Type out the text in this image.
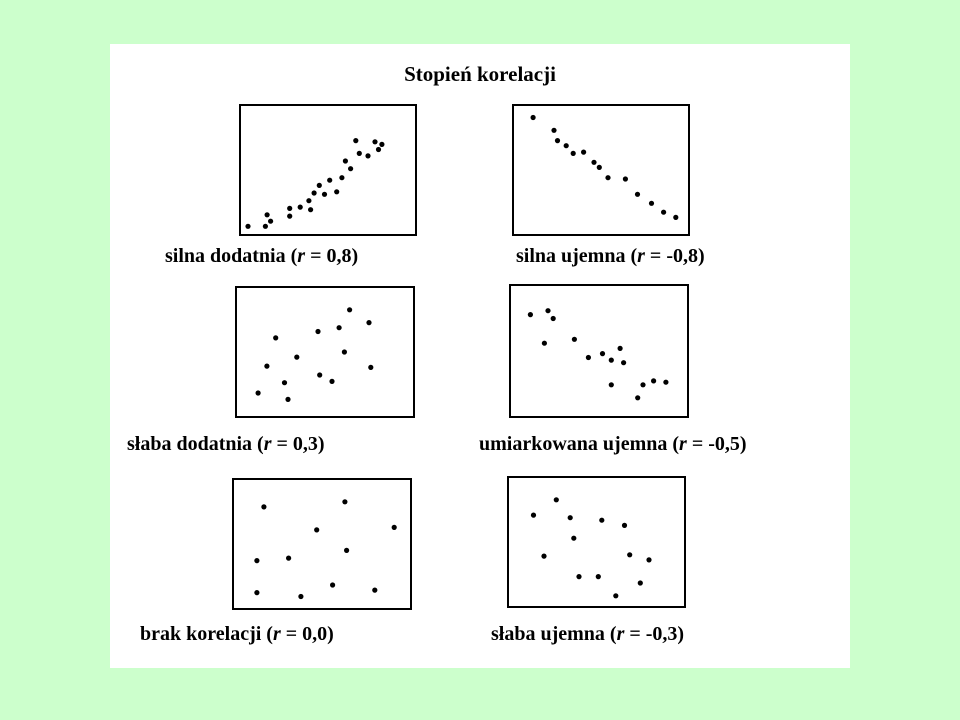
Stopień korelacji
silna dodatnia (r = 0,8)	silna ujemna (r = -0,8)
słaba dodatnia (r = 0,3)	umiarkowana ujemna (r = -0,5)
brak korelacji (r = 0,0)	słaba ujemna (r = -0,3)
